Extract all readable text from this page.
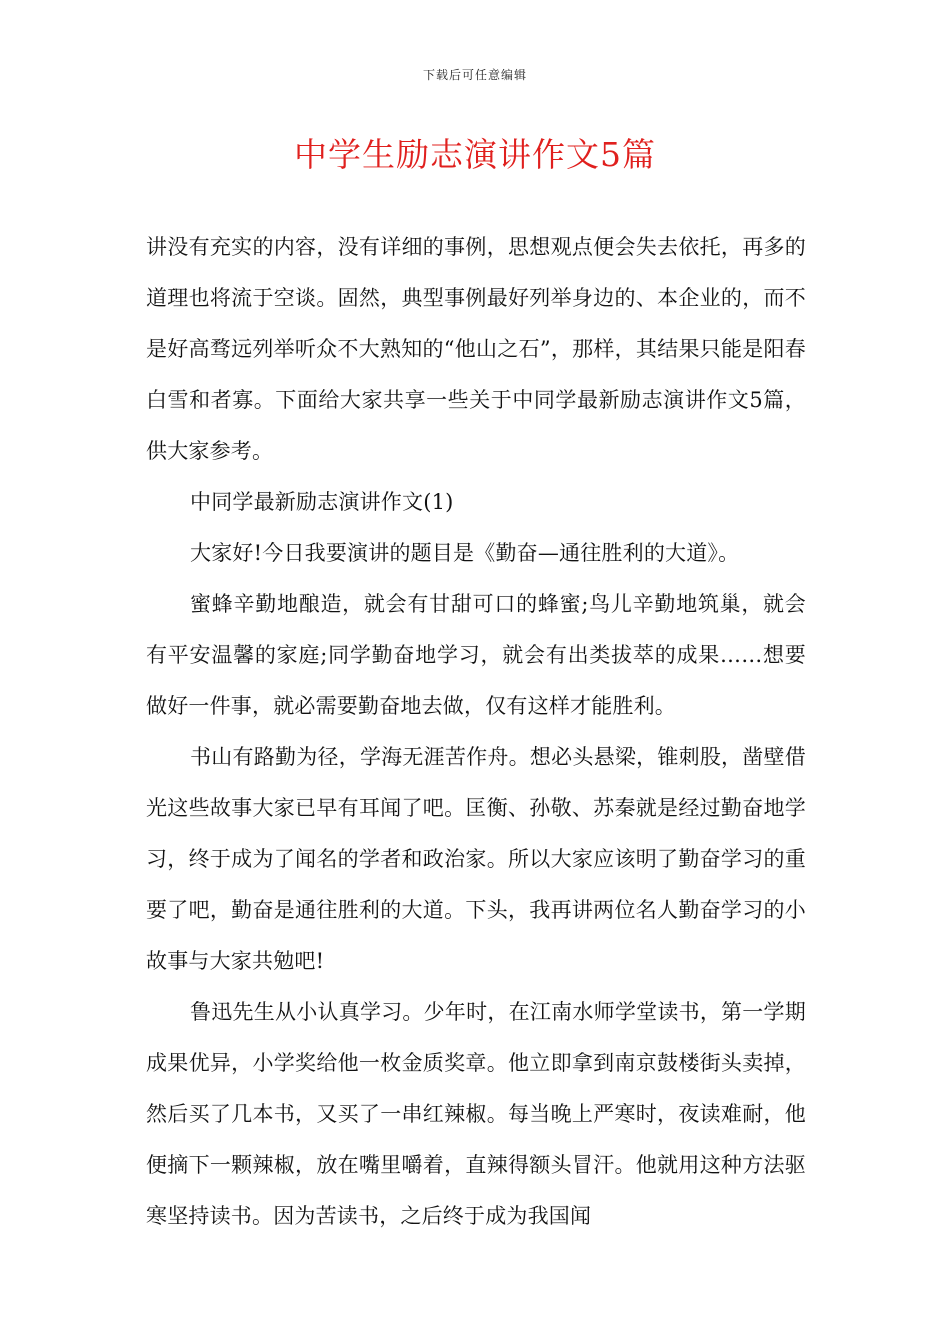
下载后可任意编辑
中学生励志演讲作文5篇

讲没有充实的内容，没有详细的事例，思想观点便会失去依托，再多的道理也将流于空谈。固然，典型事例最好列举身边的、本企业的，而不是好高骛远列举听众不大熟知的“他山之石”，那样，其结果只能是阳春白雪和者寡。下面给大家共享一些关于中同学最新励志演讲作文5篇，供大家参考。

中同学最新励志演讲作文(1)

大家好!今日我要演讲的题目是《勤奋—通往胜利的大道》。

蜜蜂辛勤地酿造，就会有甘甜可口的蜂蜜;鸟儿辛勤地筑巢，就会有平安温馨的家庭;同学勤奋地学习，就会有出类拔萃的成果……想要做好一件事，就必需要勤奋地去做，仅有这样才能胜利。

书山有路勤为径，学海无涯苦作舟。想必头悬梁，锥刺股，凿壁借光这些故事大家已早有耳闻了吧。匡衡、孙敬、苏秦就是经过勤奋地学习，终于成为了闻名的学者和政治家。所以大家应该明了勤奋学习的重要了吧，勤奋是通往胜利的大道。下头，我再讲两位名人勤奋学习的小故事与大家共勉吧!

鲁迅先生从小认真学习。少年时，在江南水师学堂读书，第一学期成果优异，小学奖给他一枚金质奖章。他立即拿到南京鼓楼街头卖掉，然后买了几本书，又买了一串红辣椒。每当晚上严寒时，夜读难耐，他便摘下一颗辣椒，放在嘴里嚼着，直辣得额头冒汗。他就用这种方法驱寒坚持读书。因为苦读书，之后终于成为我国闻
